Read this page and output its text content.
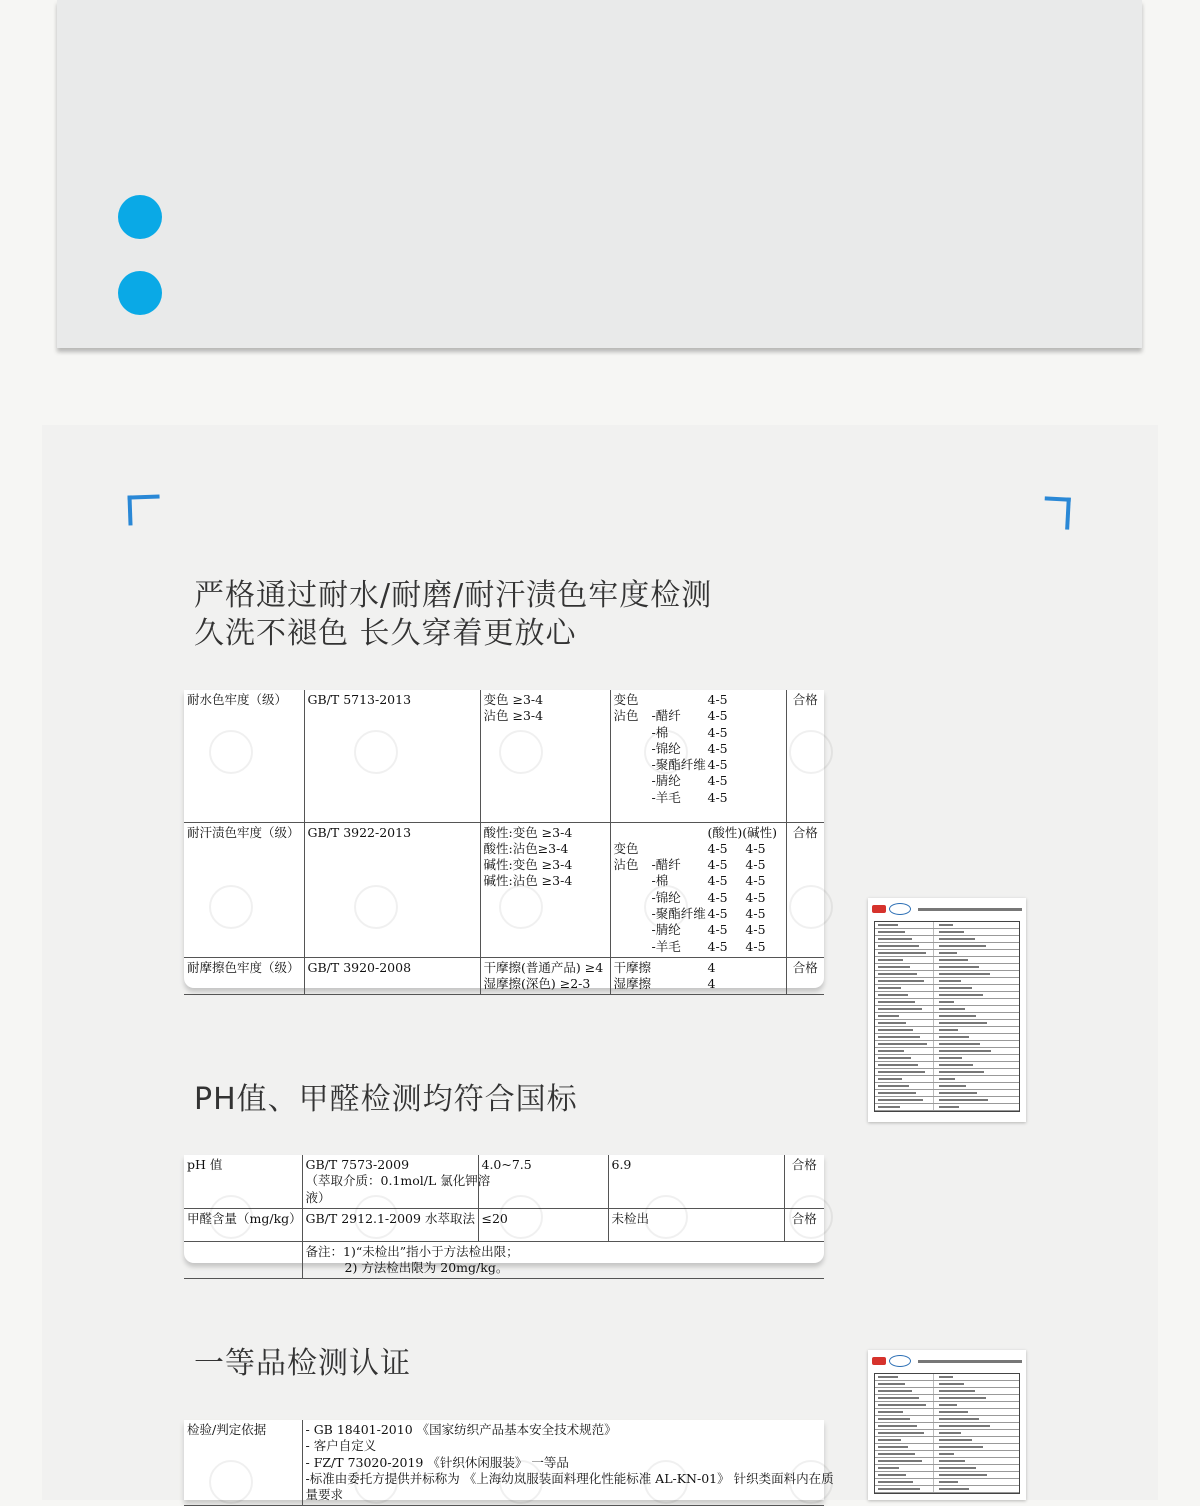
严格通过耐水/耐磨/耐汗渍色牢度检测
久洗不褪色 长久穿着更放心
耐水色牢度（级）	GB/T 5713-2013	变色 ≥3-4
沾色 ≥3-4

变色		4-5	
沾色	-醋纤	4-5	
	-棉	4-5	
	-锦纶	4-5	
	-聚酯纤维	4-5	
	-腈纶	4-5	
	-羊毛	4-5	
	合格
耐汗渍色牢度（级）	GB/T 3922-2013	酸性:变色 ≥3-4
酸性:沾色≥3-4
碱性:变色 ≥3-4
碱性:沾色 ≥3-4

	(酸性)(碱性)
变色		4-5	4-5
沾色	-醋纤	4-5	4-5
	-棉	4-5	4-5
	-锦纶	4-5	4-5
	-聚酯纤维	4-5	4-5
	-腈纶	4-5	4-5
	-羊毛	4-5	4-5
	合格
耐摩擦色牢度（级）	GB/T 3920-2008	干摩擦(普通产品) ≥4
湿摩擦(深色) ≥2-3

干摩擦		4	
湿摩擦		4	
	合格
PH值、甲醛检测均符合国标
pH 值	GB/T 7573-2009
（萃取介质：0.1mol/L 氯化钾溶
液）	4.0~7.5	6.9	合格
甲醛含量（mg/kg）	GB/T 2912.1-2009 水萃取法	≤20	未检出	合格

	备注：1)“未检出”指小于方法检出限；
2) 方法检出限为 20mg/kg。			
一等品检测认证
检验/判定依据	- GB 18401-2010 《国家纺织产品基本安全技术规范》
- 客户自定义
- FZ/T 73020-2019 《针织休闲服装》 一等品
-标准由委托方提供并标称为 《上海幼岚服装面料理化性能标准 AL-KN-01》 针织类面料内在质
量要求
